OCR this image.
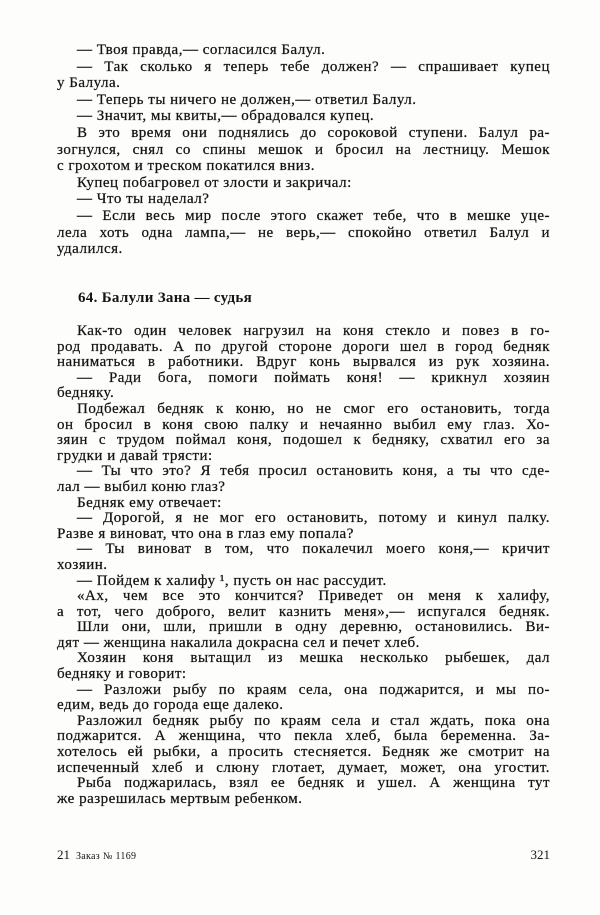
— Твоя правда,— согласился Балул.
— Так сколько я теперь тебе должен? — спрашивает купец
у Балула.
— Теперь ты ничего не должен,— ответил Балул.
— Значит, мы квиты,— обрадовался купец.
В это время они поднялись до сороковой ступени. Балул ра-
зогнулся, снял со спины мешок и бросил на лестницу. Мешок
с грохотом и треском покатился вниз.
Купец побагровел от злости и закричал:
— Что ты наделал?
— Если весь мир после этого скажет тебе, что в мешке уце-
лела хоть одна лампа,— не верь,— спокойно ответил Балул и
удалился.
64. Балули Зана — судья
Как-то один человек нагрузил на коня стекло и повез в го-
род продавать. А по другой стороне дороги шел в город бедняк
наниматься в работники. Вдруг конь вырвался из рук хозяина.
— Ради бога, помоги поймать коня! — крикнул хозяин
бедняку.
Подбежал бедняк к коню, но не смог его остановить, тогда
он бросил в коня свою палку и нечаянно выбил ему глаз. Хо-
зяин с трудом поймал коня, подошел к бедняку, схватил его за
грудки и давай трясти:
— Ты что это? Я тебя просил остановить коня, а ты что сде-
лал — выбил коню глаз?
Бедняк ему отвечает:
— Дорогой, я не мог его остановить, потому и кинул палку.
Разве я виноват, что она в глаз ему попала?
— Ты виноват в том, что покалечил моего коня,— кричит
хозяин.
— Пойдем к халифу ¹, пусть он нас рассудит.
«Ах, чем все это кончится? Приведет он меня к халифу,
а тот, чего доброго, велит казнить меня»,— испугался бедняк.
Шли они, шли, пришли в одну деревню, остановились. Ви-
дят — женщина накалила докрасна сел и печет хлеб.
Хозяин коня вытащил из мешка несколько рыбешек, дал
бедняку и говорит:
— Разложи рыбу по краям села, она поджарится, и мы по-
едим, ведь до города еще далеко.
Разложил бедняк рыбу по краям села и стал ждать, пока она
поджарится. А женщина, что пекла хлеб, была беременна. За-
хотелось ей рыбки, а просить стесняется. Бедняк же смотрит на
испеченный хлеб и слюну глотает, думает, может, она угостит.
Рыба поджарилась, взял ее бедняк и ушел. А женщина тут
же разрешилась мертвым ребенком.
21 Заказ № 1169	321
